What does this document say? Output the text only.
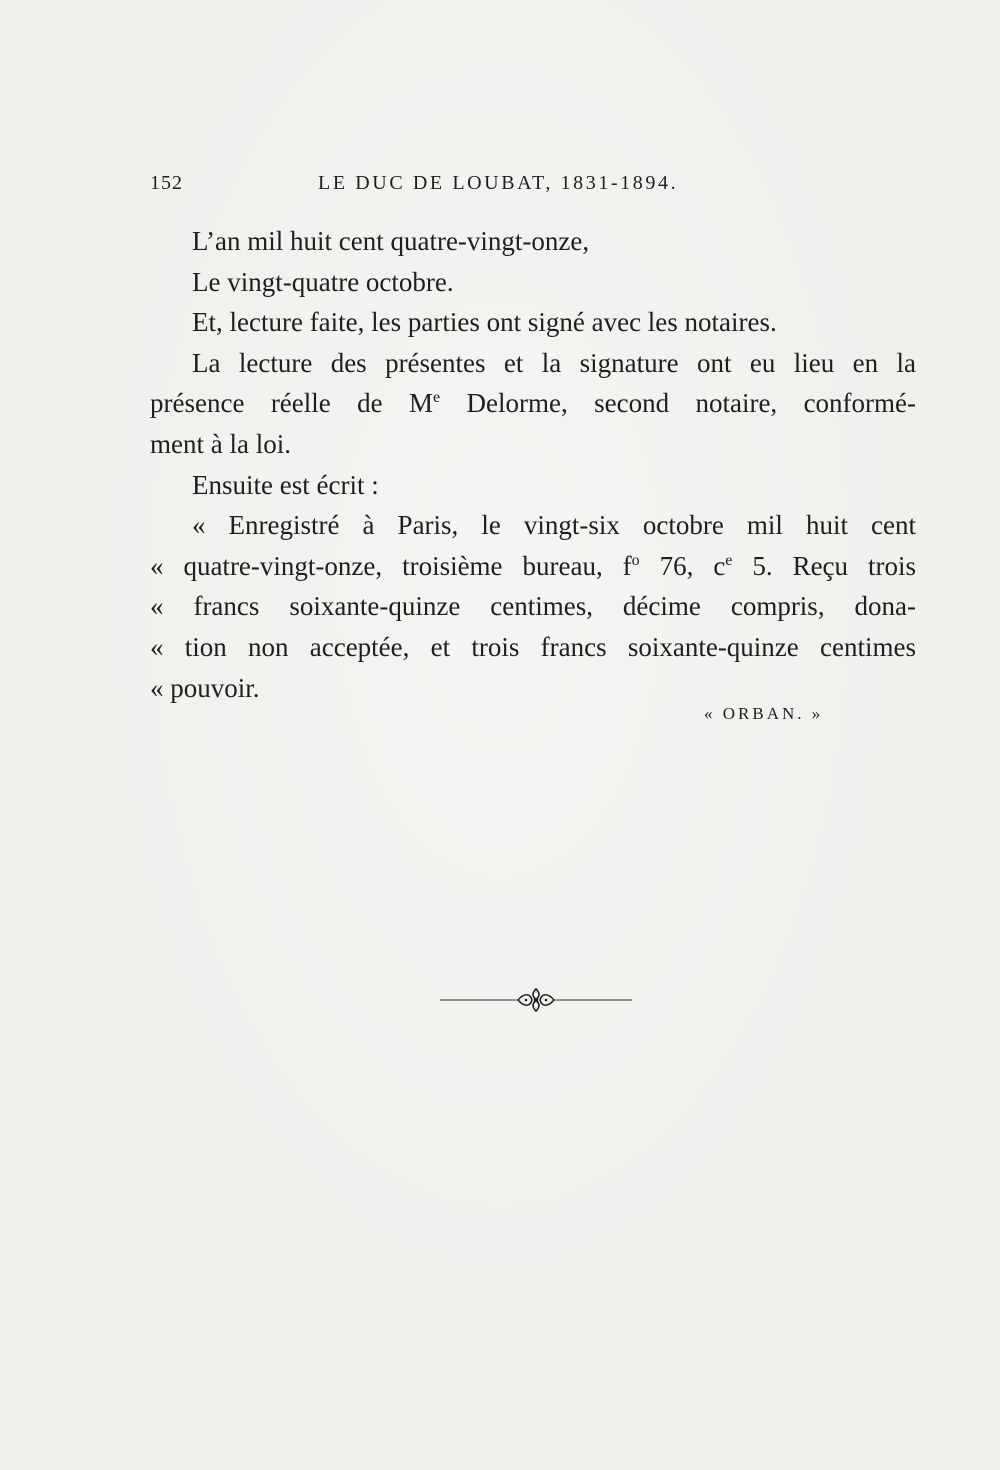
152	LE DUC DE LOUBAT, 1831-1894.
L’an mil huit cent quatre-vingt-onze,
Le vingt-quatre octobre.
Et, lecture faite, les parties ont signé avec les notaires.
La lecture des présentes et la signature ont eu lieu en la
présence réelle de Me Delorme, second notaire, conformé-
ment à la loi.
Ensuite est écrit :
« Enregistré à Paris, le vingt-six octobre mil huit cent
« quatre-vingt-onze, troisième bureau, $f^o$ 76, $c^e$ 5. Reçu trois
« francs soixante-quinze centimes, décime compris, dona-
« tion non acceptée, et trois francs soixante-quinze centimes
« pouvoir.
« ORBAN. »
